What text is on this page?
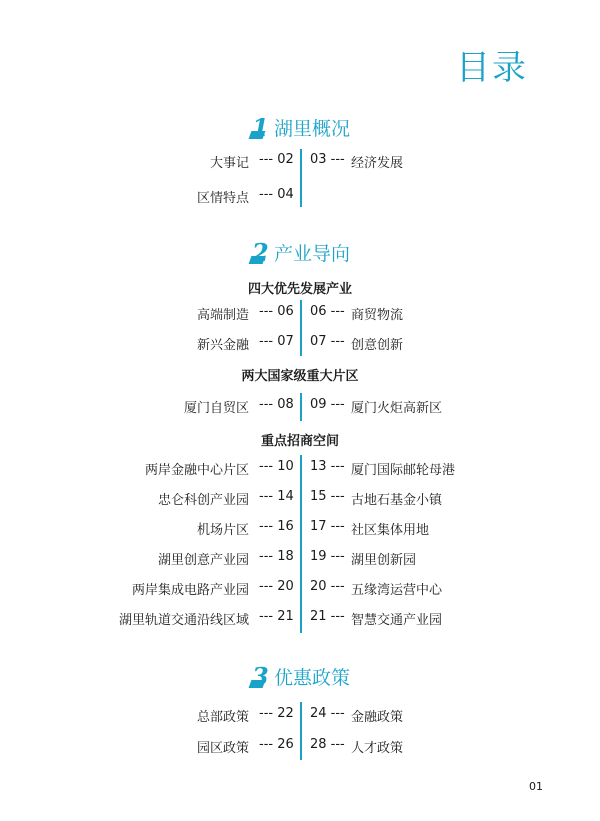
目录
1 湖里概况
大事记 --- 02 03 --- 经济发展
区情特点 --- 04
2 产业导向
四大优先发展产业
高端制造 --- 06 06 --- 商贸物流
新兴金融 --- 07 07 --- 创意创新
两大国家级重大片区
厦门自贸区 --- 08 09 --- 厦门火炬高新区
重点招商空间
两岸金融中心片区 --- 10 13 --- 厦门国际邮轮母港
忠仑科创产业园 --- 14 15 --- 古地石基金小镇
机场片区 --- 16 17 --- 社区集体用地
湖里创意产业园 --- 18 19 --- 湖里创新园
两岸集成电路产业园 --- 20 20 --- 五缘湾运营中心
湖里轨道交通沿线区域 --- 21 21 --- 智慧交通产业园
3 优惠政策
总部政策 --- 22 24 --- 金融政策
园区政策 --- 26 28 --- 人才政策
01
